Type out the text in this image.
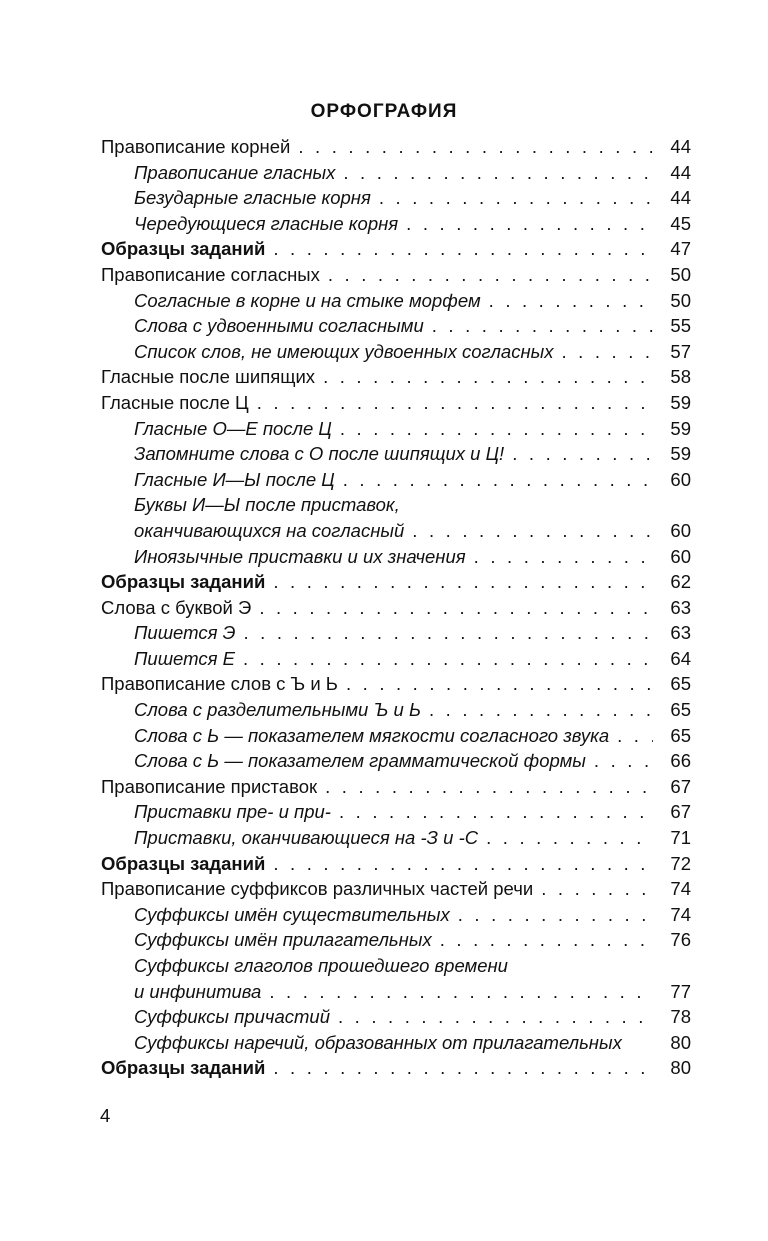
ОРФОГРАФИЯ
Правописание корней . . .	44
Правописание гласных . . .	44
Безударные гласные корня . . .	44
Чередующиеся гласные корня . . .	45
Образцы заданий . . .	47
Правописание согласных . . .	50
Согласные в корне и на стыке морфем . . .	50
Слова с удвоенными согласными . . .	55
Список слов, не имеющих удвоенных согласных . . .	57
Гласные после шипящих . . .	58
Гласные после Ц . . .	59
Гласные О—Е после Ц . . .	59
Запомните слова с О после шипящих и Ц! . . .	59
Гласные И—Ы после Ц . . .	60
Буквы И—Ы после приставок,
оканчивающихся на согласный . . .	60
Иноязычные приставки и их значения . . .	60
Образцы заданий . . .	62
Слова с буквой Э . . .	63
Пишется Э . . .	63
Пишется Е . . .	64
Правописание слов с Ъ и Ь . . .	65
Слова с разделительными Ъ и Ь . . .	65
Слова с Ь — показателем мягкости согласного звука . . .	65
Слова с Ь — показателем грамматической формы . . .	66
Правописание приставок . . .	67
Приставки пре- и при- . . .	67
Приставки, оканчивающиеся на -З и -С . . .	71
Образцы заданий . . .	72
Правописание суффиксов различных частей речи . . .	74
Суффиксы имён существительных . . .	74
Суффиксы имён прилагательных . . .	76
Суффиксы глаголов прошедшего времени
и инфинитива . . .	77
Суффиксы причастий . . .	78
Суффиксы наречий, образованных от прилагательных	80
Образцы заданий . . .	80
4
